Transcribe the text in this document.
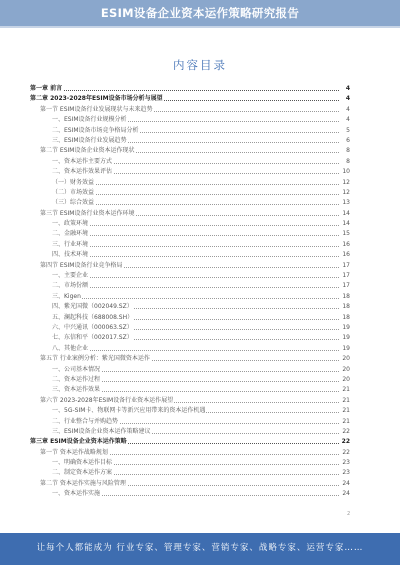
ESIM设备企业资本运作策略研究报告
内容目录
第一章 前言	4
第二章 2023-2028年ESIM设备市场分析与展望	4
第一节 ESIM设备行业发展现状与未来趋势	4
一、ESIM设备行业规模分析	4
二、ESIM设备市场竞争格局分析	5
三、ESIM设备行业发展趋势	6
第二节 ESIM设备企业资本运作现状	8
一、资本运作主要方式	8
二、资本运作效果评估	10
（一）财务效益	12
（二）市场效益	12
（三）综合效益	13
第三节 ESIM设备行业资本运作环境	14
一、政策环境	14
二、金融环境	15
三、行业环境	16
四、技术环境	16
第四节 ESIM设备行业竞争格局	17
一、主要企业	17
二、市场份额	17
三、Kigen	18
四、紫光国微（002049.SZ）	18
五、澜起科技（688008.SH）	18
六、中兴通讯（000063.SZ）	19
七、东信和平（002017.SZ）	19
八、其他企业	19
第五节 行业案例分析：紫光国微资本运作	20
一、公司基本情况	20
二、资本运作过程	20
三、资本运作效果	21
第六节 2023-2028年ESIM设备行业资本运作展望	21
一、5G-SIM卡、物联网卡等新兴应用带来的资本运作机遇	21
二、行业整合与并购趋势	21
三、ESIM设备企业资本运作策略建议	22
第三章 ESIM设备企业资本运作策略	22
第一节 资本运作战略规划	22
一、明确资本运作目标	23
二、制定资本运作方案	23
第二节 资本运作实施与风险管理	24
一、资本运作实施	24
2
让每个人都能成为 行业专家、管理专家、营销专家、战略专家、运营专家……
